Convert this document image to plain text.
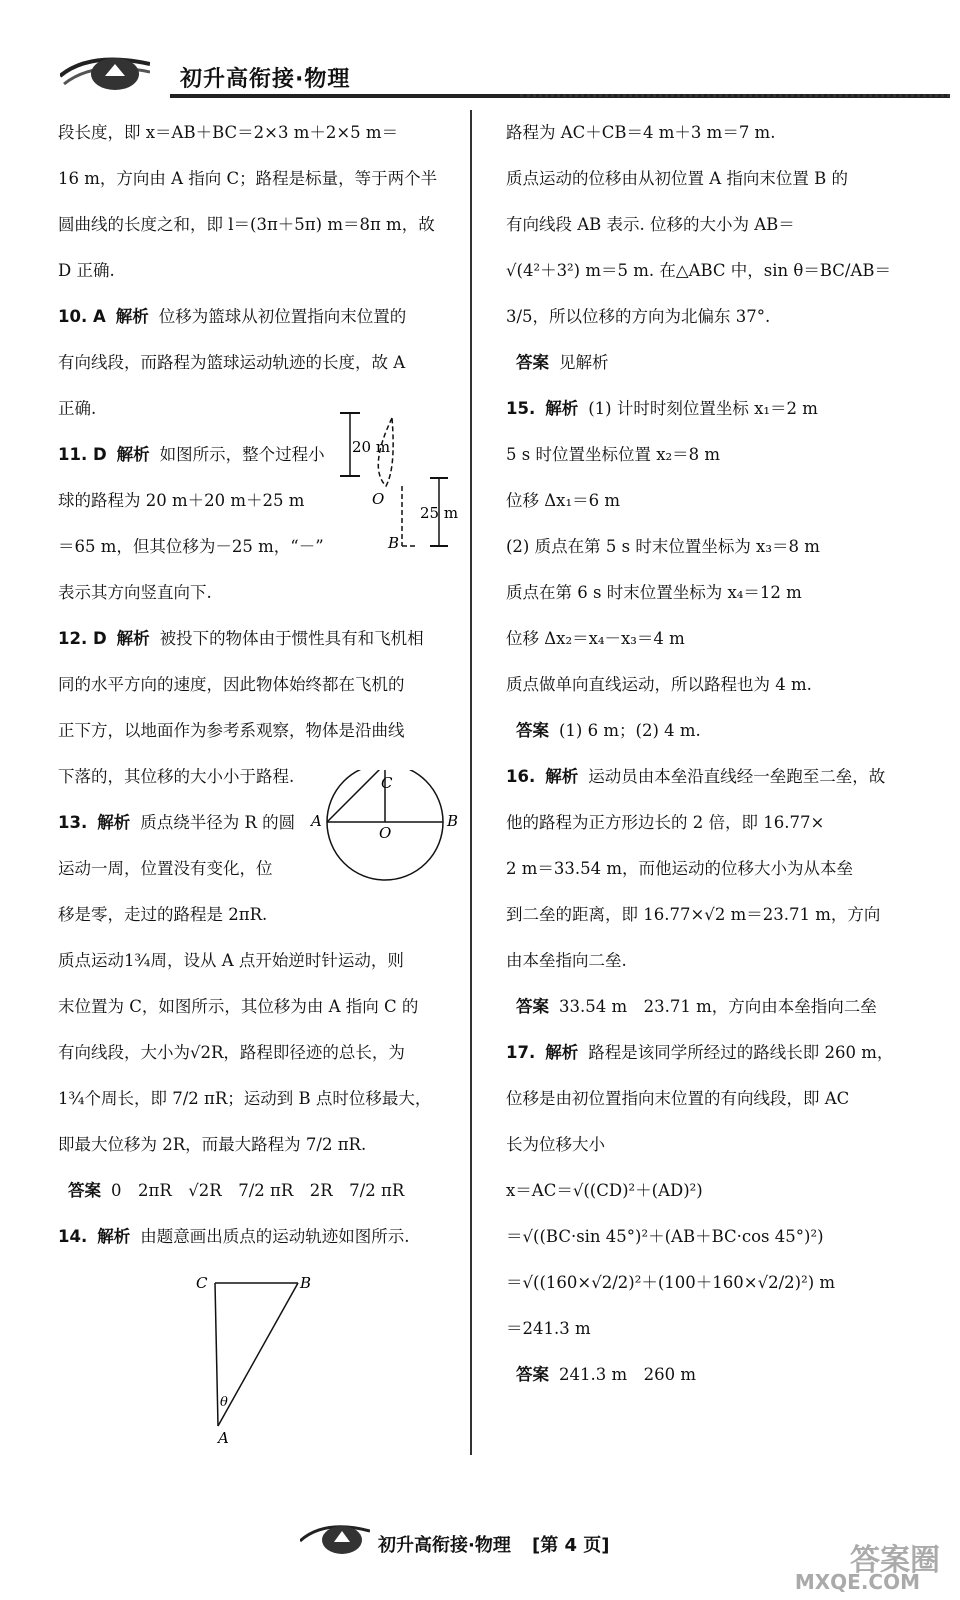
初升高衔接·物理
段长度，即 x＝AB＋BC＝2×3 m＋2×5 m＝
16 m，方向由 A 指向 C；路程是标量，等于两个半
圆曲线的长度之和，即 l＝(3π＋5π) m＝8π m，故
D 正确.
10. A 解析 位移为篮球从初位置指向末位置的
有向线段，而路程为篮球运动轨迹的长度，故 A
正确.
11. D 解析 如图所示，整个过程小
球的路程为 20 m＋20 m＋25 m
＝65 m，但其位移为－25 m，“－”
表示其方向竖直向下.
12. D 解析 被投下的物体由于惯性具有和飞机相
同的水平方向的速度，因此物体始终都在飞机的
正下方，以地面作为参考系观察，物体是沿曲线
下落的，其位移的大小小于路程.
13. 解析 质点绕半径为 R 的圆
运动一周，位置没有变化，位
移是零，走过的路程是 2πR.
质点运动1¾周，设从 A 点开始逆时针运动，则
末位置为 C，如图所示，其位移为由 A 指向 C 的
有向线段，大小为√2R，路程即径迹的总长，为
1¾个周长，即 7/2 πR；运动到 B 点时位移最大，
即最大位移为 2R，而最大路程为 7/2 πR.
答案 0　2πR　√2R　7/2 πR　2R　7/2 πR
14. 解析 由题意画出质点的运动轨迹如图所示.
路程为 AC＋CB＝4 m＋3 m＝7 m.
质点运动的位移由从初位置 A 指向末位置 B 的
有向线段 AB 表示. 位移的大小为 AB＝
√(4²＋3²) m＝5 m. 在△ABC 中，sin θ＝BC/AB＝
3/5，所以位移的方向为北偏东 37°.
答案 见解析
15. 解析 (1) 计时时刻位置坐标 x₁＝2 m
5 s 时位置坐标位置 x₂＝8 m
位移 Δx₁＝6 m
(2) 质点在第 5 s 时末位置坐标为 x₃＝8 m
质点在第 6 s 时末位置坐标为 x₄＝12 m
位移 Δx₂＝x₄－x₃＝4 m
质点做单向直线运动，所以路程也为 4 m.
答案 (1) 6 m；(2) 4 m.
16. 解析 运动员由本垒沿直线经一垒跑至二垒，故
他的路程为正方形边长的 2 倍，即 16.77×
2 m＝33.54 m，而他运动的位移大小为从本垒
到二垒的距离，即 16.77×√2 m＝23.71 m，方向
由本垒指向二垒.
答案 33.54 m　23.71 m，方向由本垒指向二垒
17. 解析 路程是该同学所经过的路线长即 260 m，
位移是由初位置指向末位置的有向线段，即 AC
长为位移大小
x＝AC＝√((CD)²＋(AD)²)
＝√((BC·sin 45°)²＋(AB＋BC·cos 45°)²)
＝√((160×√2/2)²＋(100＋160×√2/2)²) m
＝241.3 m
答案 241.3 m　260 m
20 m
O
B
25 m
C
A
O
B
C	B
A
θ
初升高衔接·物理 [第 4 页]	答案圈
MXQE.COM
